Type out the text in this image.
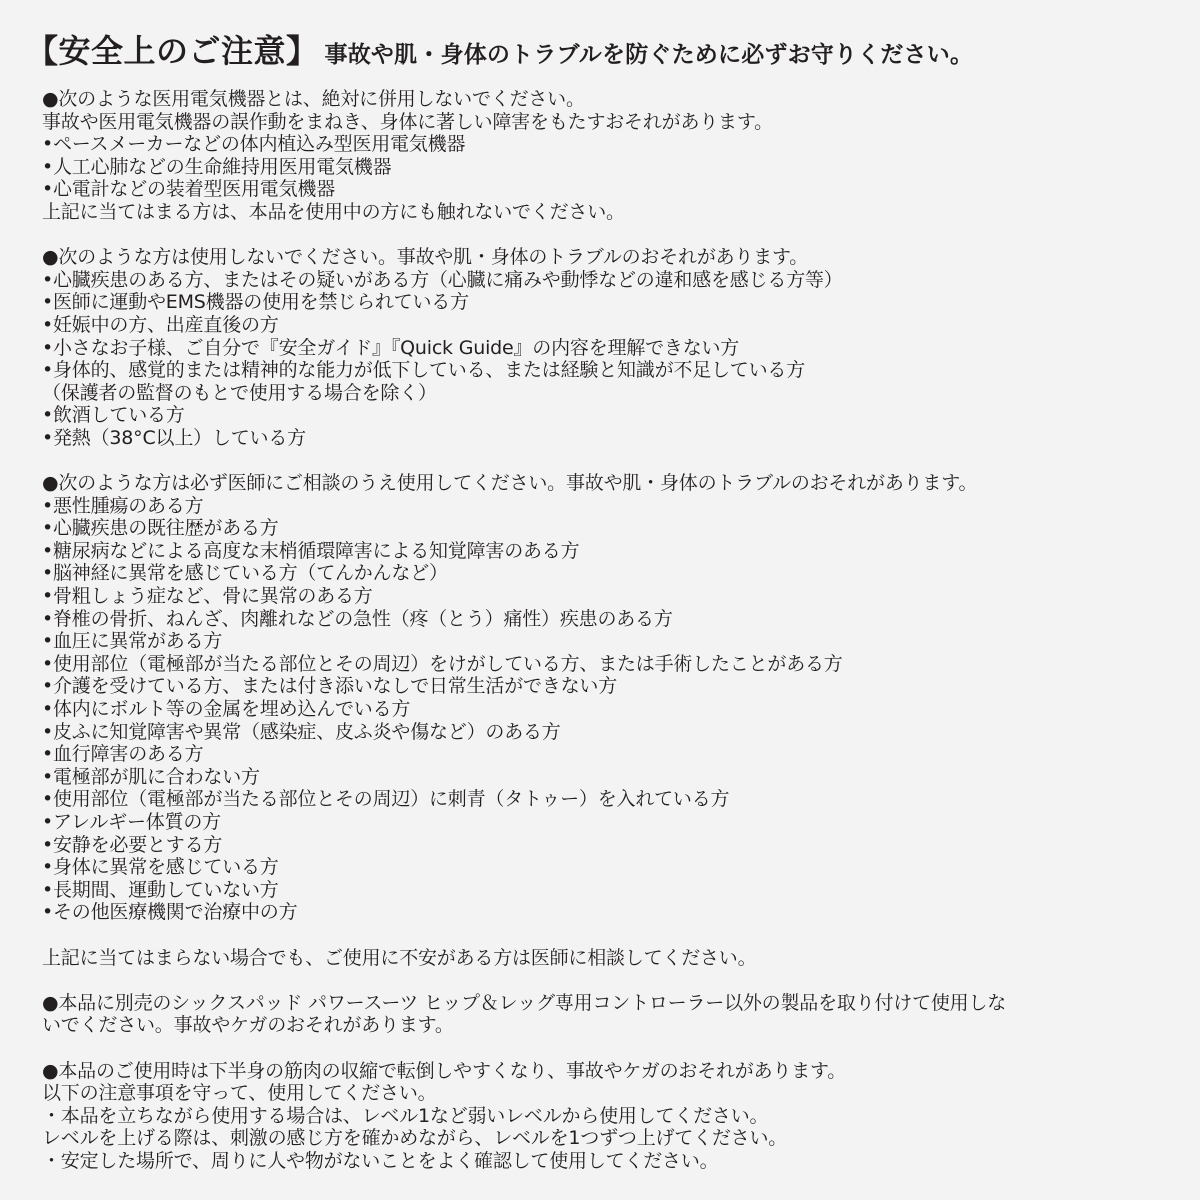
【安全上のご注意】 事故や肌・身体のトラブルを防ぐために必ずお守りください。
●次のような医用電気機器とは、絶対に併用しないでください。
事故や医用電気機器の誤作動をまねき、身体に著しい障害をもたすおそれがあります。
•ペースメーカーなどの体内植込み型医用電気機器
•人工心肺などの生命維持用医用電気機器
•心電計などの装着型医用電気機器
上記に当てはまる方は、本品を使用中の方にも触れないでください。
●次のような方は使用しないでください。事故や肌・身体のトラブルのおそれがあります。
•心臓疾患のある方、またはその疑いがある方（心臓に痛みや動悸などの違和感を感じる方等）
•医師に運動やEMS機器の使用を禁じられている方
•妊娠中の方、出産直後の方
•小さなお子様、ご自分で『安全ガイド』『Quick Guide』の内容を理解できない方
•身体的、感覚的または精神的な能力が低下している、または経験と知識が不足している方
（保護者の監督のもとで使用する場合を除く）
•飲酒している方
•発熱（38°C以上）している方
●次のような方は必ず医師にご相談のうえ使用してください。事故や肌・身体のトラブルのおそれがあります。
•悪性腫瘍のある方
•心臓疾患の既往歴がある方
•糖尿病などによる高度な末梢循環障害による知覚障害のある方
•脳神経に異常を感じている方（てんかんなど）
•骨粗しょう症など、骨に異常のある方
•脊椎の骨折、ねんざ、肉離れなどの急性（疼（とう）痛性）疾患のある方
•血圧に異常がある方
•使用部位（電極部が当たる部位とその周辺）をけがしている方、または手術したことがある方
•介護を受けている方、または付き添いなしで日常生活ができない方
•体内にボルト等の金属を埋め込んでいる方
•皮ふに知覚障害や異常（感染症、皮ふ炎や傷など）のある方
•血行障害のある方
•電極部が肌に合わない方
•使用部位（電極部が当たる部位とその周辺）に刺青（タトゥー）を入れている方
•アレルギー体質の方
•安静を必要とする方
•身体に異常を感じている方
•長期間、運動していない方
•その他医療機関で治療中の方
上記に当てはまらない場合でも、ご使用に不安がある方は医師に相談してください。
●本品に別売のシックスパッド パワースーツ ヒップ＆レッグ専用コントローラー以外の製品を取り付けて使用しな
いでください。事故やケガのおそれがあります。
●本品のご使用時は下半身の筋肉の収縮で転倒しやすくなり、事故やケガのおそれがあります。
以下の注意事項を守って、使用してください。
・本品を立ちながら使用する場合は、レベル1など弱いレベルから使用してください。
レベルを上げる際は、刺激の感じ方を確かめながら、レベルを1つずつ上げてください。
・安定した場所で、周りに人や物がないことをよく確認して使用してください。
